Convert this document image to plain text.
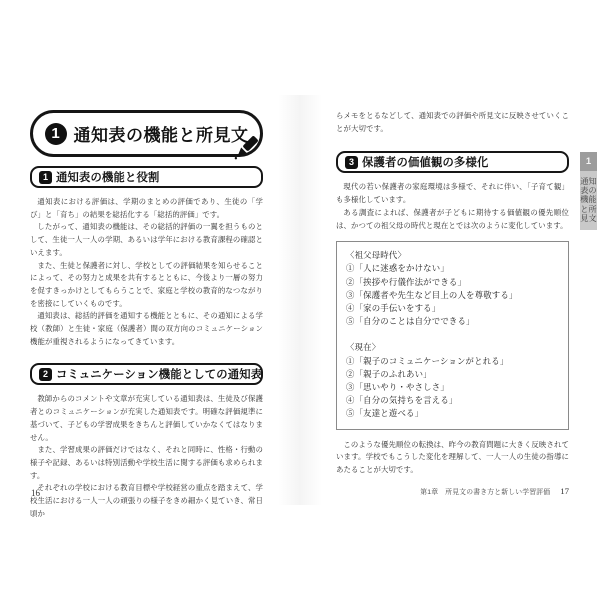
1 通知表の機能と所見文
1 通知表の機能と役割

通知表における評価は、学期のまとめの評価であり、生徒の「学び」と「育ち」の結果を総括化する「総括的評価」です。

したがって、通知表の機能は、その総括的評価の一翼を担うものとして、生徒一人一人の学期、あるいは学年における教育課程の確認といえます。

また、生徒と保護者に対し、学校としての評価結果を知らせることによって、その努力と成果を共有するとともに、今後より一層の努力を促すきっかけとしてもらうことで、家庭と学校の教育的なつながりを密接にしていくものです。

通知表は、総括的評価を通知する機能とともに、その通知による学校（教師）と生徒・家庭（保護者）間の双方向のコミュニケーション機能が重視されるようになってきています。

2 コミュニケーション機能としての通知表

教師からのコメントや文章が充実している通知表は、生徒及び保護者とのコミュニケーションが充実した通知表です。明確な評価規準に基づいて、子どもの学習成果をきちんと評価していかなくてはなりません。

また、学習成果の評価だけではなく、それと同時に、性格・行動の様子や記録、あるいは特別活動や学校生活に関する評価も求められます。

それぞれの学校における教育目標や学校経営の重点を踏まえて、学校生活における一人一人の頑張りの様子をきめ細かく見ていき、常日頃か

16

らメモをとるなどして、通知表での評価や所見文に反映させていくことが大切です。

3 保護者の価値観の多様化

現代の若い保護者の家庭環境は多様で、それに伴い、「子育て観」も多様化しています。

ある調査によれば、保護者が子どもに期待する価値観の優先順位は、かつての祖父母の時代と現在とでは次のように変化しています。

〈祖父母時代〉
①「人に迷惑をかけない」
②「挨拶や行儀作法ができる」
③「保護者や先生など目上の人を尊敬する」
④「家の手伝いをする」
⑤「自分のことは自分でできる」
〈現在〉
①「親子のコミュニケーションがとれる」
②「親子のふれあい」
③「思いやり・やさしさ」
④「自分の気持ちを言える」
⑤「友達と遊べる」

このような優先順位の転換は、昨今の教育問題に大きく反映されています。学校でもこうした変化を理解して、一人一人の生徒の指導にあたることが大切です。

第1章　所見文の書き方と新しい学習評価 17
1
通知表の機能と所見文
